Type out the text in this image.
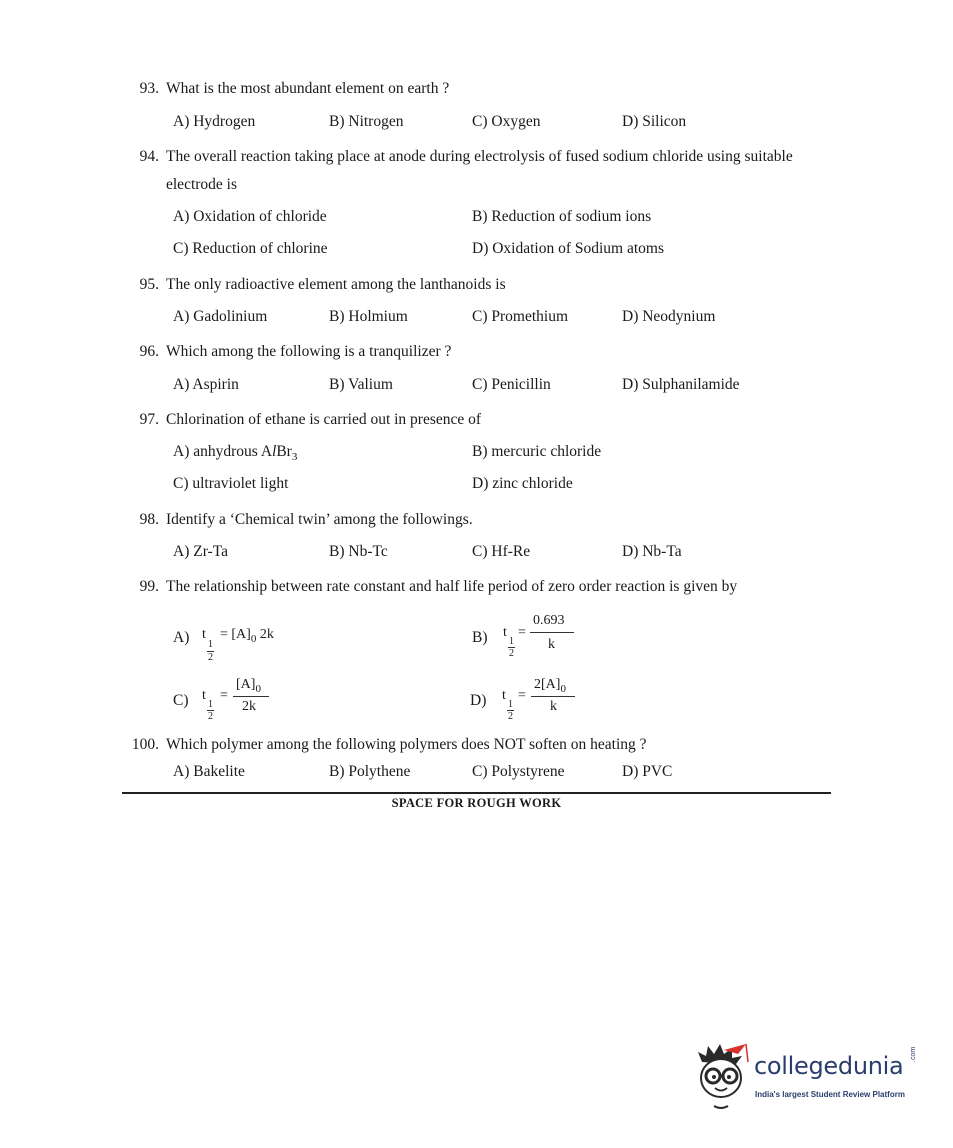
93. What is the most abundant element on earth ?
A) Hydrogen	B) Nitrogen	C) Oxygen	D) Silicon
94. The overall reaction taking place at anode during electrolysis of fused sodium chloride using suitable
electrode is
A) Oxidation of chloride	B) Reduction of sodium ions
C) Reduction of chlorine	D) Oxidation of Sodium atoms
95. The only radioactive element among the lanthanoids is
A) Gadolinium	B) Holmium	C) Promethium	D) Neodynium
96. Which among the following is a tranquilizer ?
A) Aspirin	B) Valium	C) Penicillin	D) Sulphanilamide
97. Chlorination of ethane is carried out in presence of
A) anhydrous AlBr$_3$	B) mercuric chloride
C) ultraviolet light	D) zinc chloride
98. Identify a ‘Chemical twin’ among the followings.
A) Zr-Ta	B) Nb-Tc	C) Hf-Re	D) Nb-Ta
99. The relationship between rate constant and half life period of zero order reaction is given by
A) t
1
2
= $[A]_0$ 2k	B) t
1
2
=
0.693
k
C) t
1
2
=
$[A]_0$
2k	D) t
1
2
=
$2[A]_0$
k
100. Which polymer among the following polymers does NOT soften on heating ?
A) Bakelite	B) Polythene	C) Polystyrene	D) PVC
SPACE FOR ROUGH WORK
collegedunia .com
India's largest Student Review Platform
